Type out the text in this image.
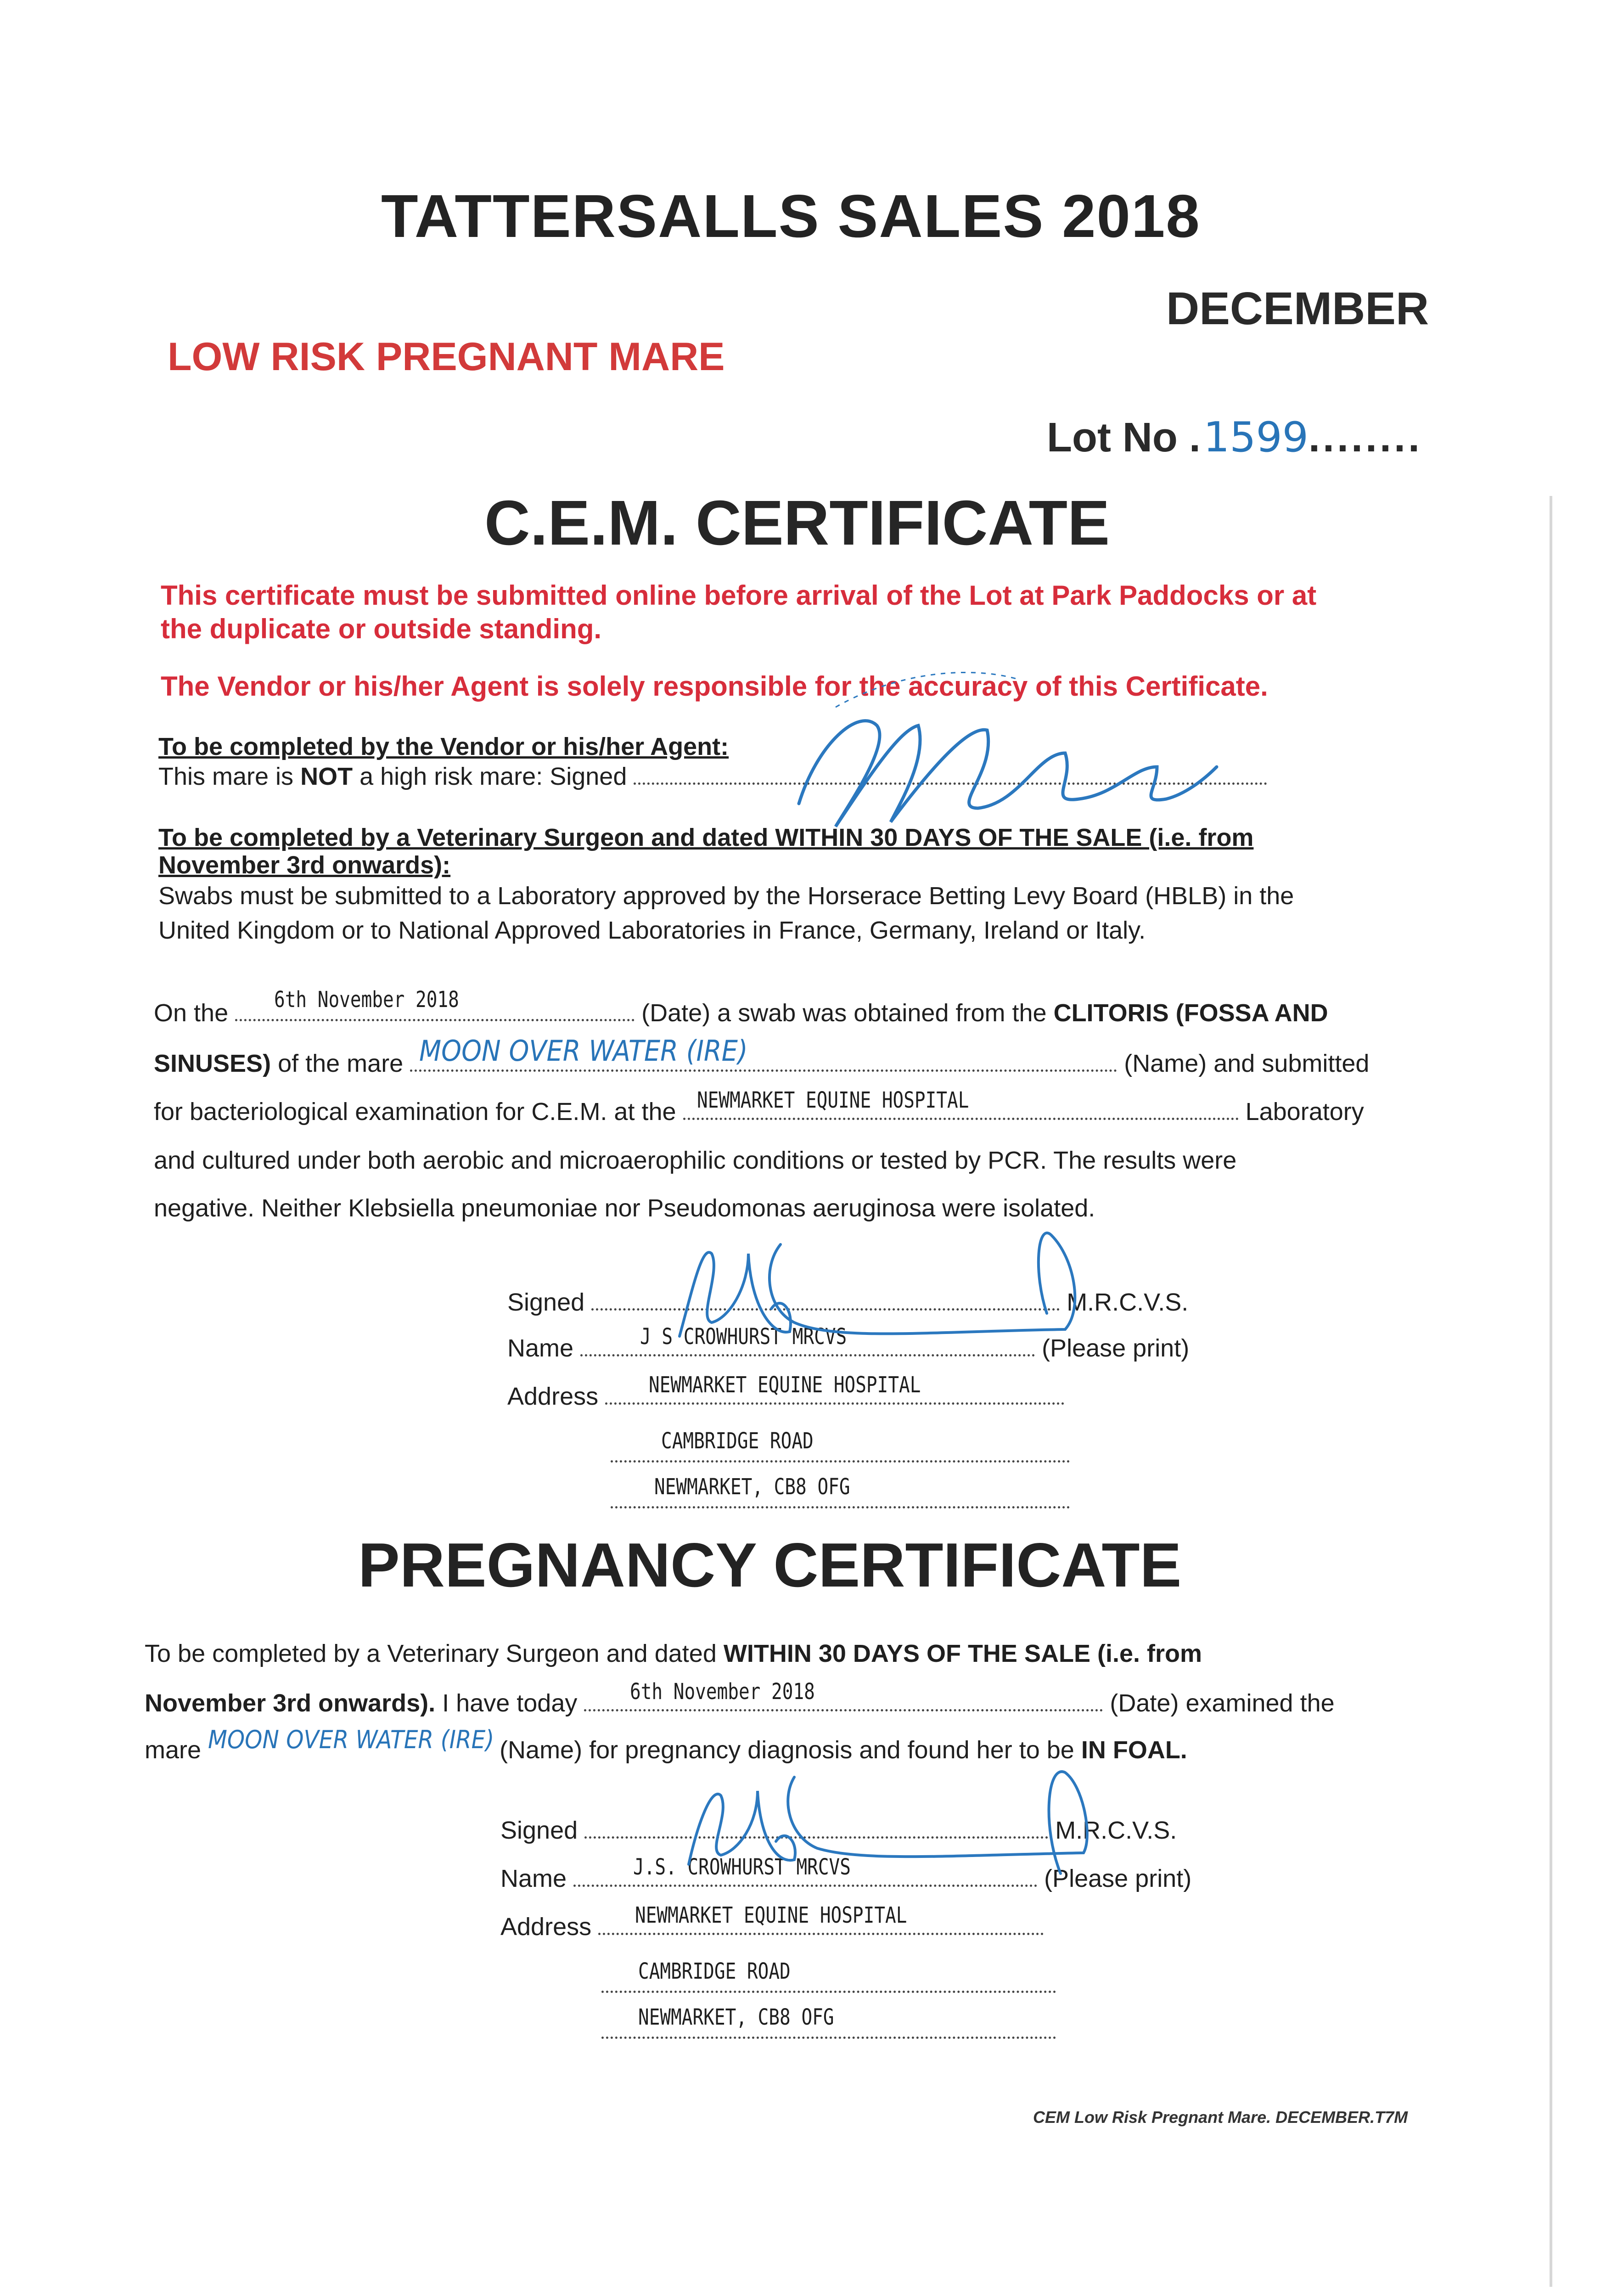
TATTERSALLS SALES 2018
DECEMBER
LOW RISK PREGNANT MARE
Lot No .1599........
C.E.M. CERTIFICATE
This certificate must be submitted online before arrival of the Lot at Park Paddocks or at
the duplicate or outside standing.
The Vendor or his/her Agent is solely responsible for the accuracy of this Certificate.
To be completed by the Vendor or his/her Agent:
This mare is NOT a high risk mare: Signed
To be completed by a Veterinary Surgeon and dated WITHIN 30 DAYS OF THE SALE (i.e. from
November 3rd onwards):
Swabs must be submitted to a Laboratory approved by the Horserace Betting Levy Board (HBLB) in the
United Kingdom or to National Approved Laboratories in France, Germany, Ireland or Italy.
On the 6th November 2018	(Date) a swab was obtained from the CLITORIS (FOSSA AND
SINUSES) of the mare MOON OVER WATER (IRE)	(Name) and submitted
for bacteriological examination for C.E.M. at the NEWMARKET EQUINE HOSPITAL	Laboratory
and cultured under both aerobic and microaerophilic conditions or tested by PCR. The results were
negative. Neither Klebsiella pneumoniae nor Pseudomonas aeruginosa were isolated.
Signed	M.R.C.V.S.
Name	J S CROWHURST MRCVS	(Please print)
Address NEWMARKET EQUINE HOSPITAL
CAMBRIDGE ROAD
NEWMARKET, CB8 OFG
PREGNANCY CERTIFICATE
To be completed by a Veterinary Surgeon and dated WITHIN 30 DAYS OF THE SALE (i.e. from
November 3rd onwards). I have today 6th November 2018	(Date) examined the
mare MOON OVER WATER (IRE) (Name) for pregnancy diagnosis and found her to be IN FOAL.
Signed	M.R.C.V.S.
Name	J.S. CROWHURST MRCVS	(Please print)
Address NEWMARKET EQUINE HOSPITAL
CAMBRIDGE ROAD
NEWMARKET, CB8 OFG
CEM Low Risk Pregnant Mare. DECEMBER.T7M
